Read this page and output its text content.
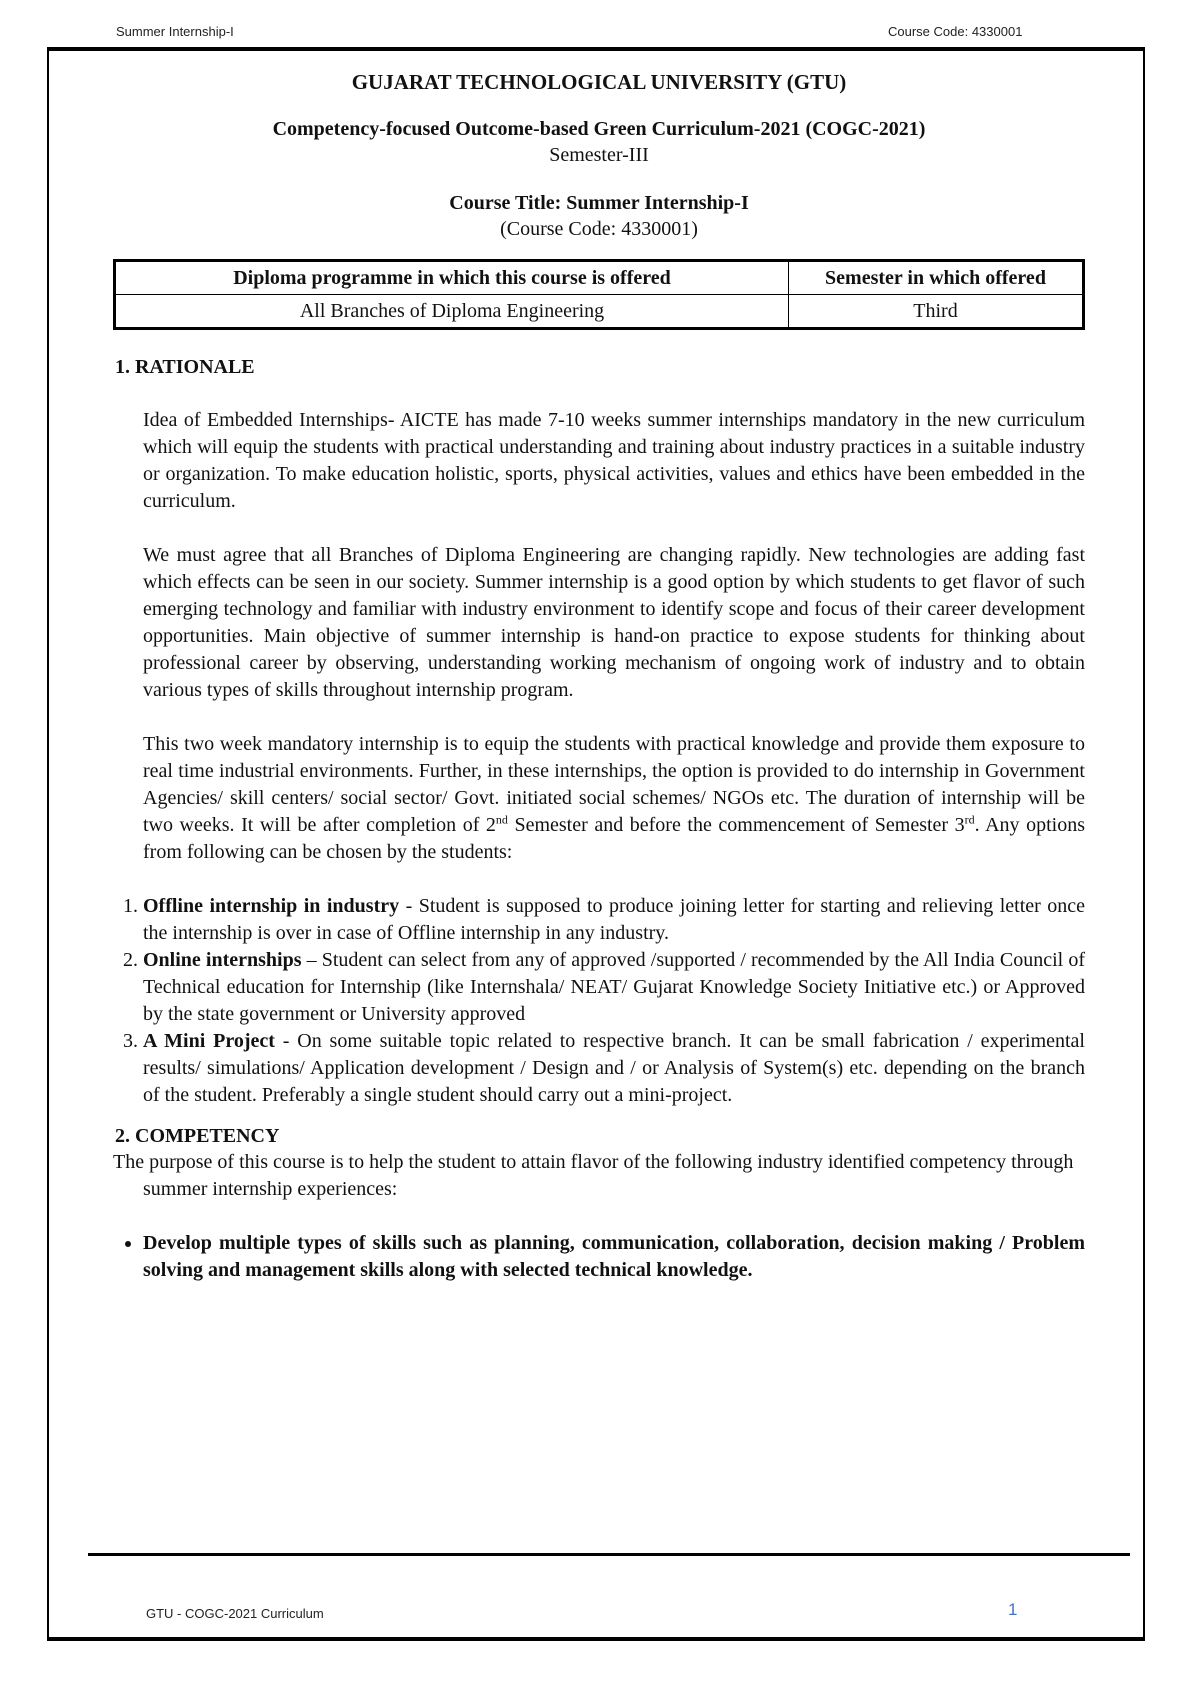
Summer Internship-I	Course Code: 4330001

GUJARAT TECHNOLOGICAL UNIVERSITY (GTU)

Competency-focused Outcome-based Green Curriculum-2021 (COGC-2021)

Semester-III

Course Title: Summer Internship-I

(Course Code: 4330001)

Diploma programme in which this course is offered	Semester in which offered
All Branches of Diploma Engineering	Third
1. RATIONALE

Idea of Embedded Internships- AICTE has made 7-10 weeks summer internships mandatory in the new curriculum which will equip the students with practical understanding and training about industry practices in a suitable industry or organization. To make education holistic, sports, physical activities, values and ethics have been embedded in the curriculum.

We must agree that all Branches of Diploma Engineering are changing rapidly. New technologies are adding fast which effects can be seen in our society. Summer internship is a good option by which students to get flavor of such emerging technology and familiar with industry environment to identify scope and focus of their career development opportunities. Main objective of summer internship is hand-on practice to expose students for thinking about professional career by observing, understanding working mechanism of ongoing work of industry and to obtain various types of skills throughout internship program.

This two week mandatory internship is to equip the students with practical knowledge and provide them exposure to real time industrial environments. Further, in these internships, the option is provided to do internship in Government Agencies/ skill centers/ social sector/ Govt. initiated social schemes/ NGOs etc. The duration of internship will be two weeks. It will be after completion of 2nd Semester and before the commencement of Semester 3rd. Any options from following can be chosen by the students:

1. Offline internship in industry - Student is supposed to produce joining letter for starting and relieving letter once the internship is over in case of Offline internship in any industry.
2. Online internships – Student can select from any of approved /supported / recommended by the All India Council of Technical education for Internship (like Internshala/ NEAT/ Gujarat Knowledge Society Initiative etc.) or Approved by the state government or University approved
3. A Mini Project - On some suitable topic related to respective branch. It can be small fabrication / experimental results/ simulations/ Application development / Design and / or Analysis of System(s) etc. depending on the branch of the student. Preferably a single student should carry out a mini-project.
2. COMPETENCY

The purpose of this course is to help the student to attain flavor of the following industry identified competency through summer internship experiences:

• Develop multiple types of skills such as planning, communication, collaboration, decision making / Problem solving and management skills along with selected technical knowledge.
GTU - COGC-2021 Curriculum	1
